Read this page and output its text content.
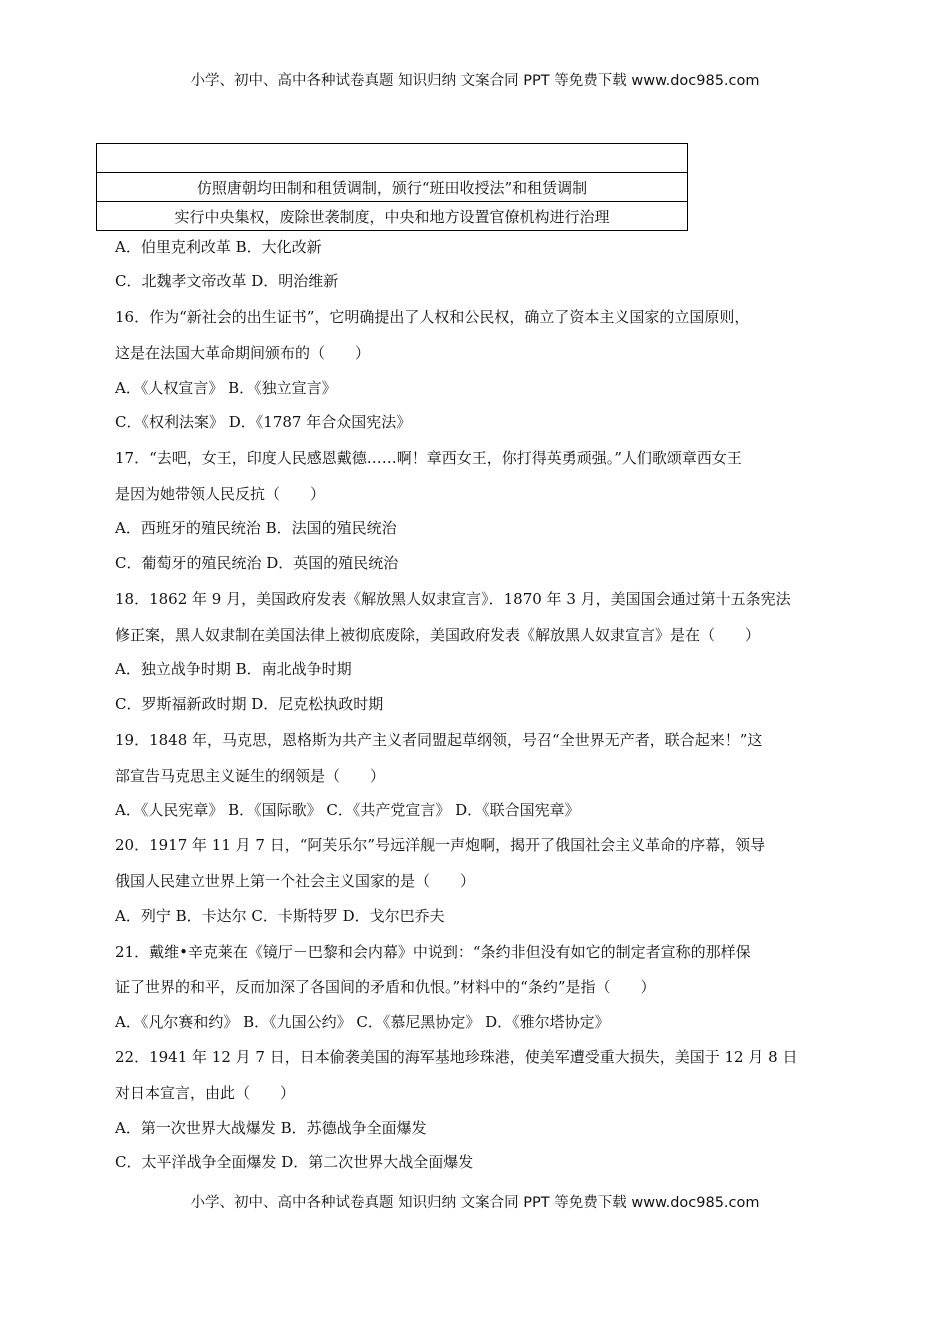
小学、初中、高中各种试卷真题 知识归纳 文案合同 PPT 等免费下载 www.doc985.com

仿照唐朝均田制和租赁调制，颁行“班田收授法”和租赁调制
实行中央集权，废除世袭制度，中央和地方设置官僚机构进行治理
A．伯里克利改革 B．大化改新
C．北魏孝文帝改革 D．明治维新
16．作为“新社会的出生证书”，它明确提出了人权和公民权，确立了资本主义国家的立国原则，
这是在法国大革命期间颁布的（　　）
A．《人权宣言》 B．《独立宣言》
C．《权利法案》 D．《1787 年合众国宪法》
17．“去吧，女王，印度人民感恩戴德……啊！章西女王，你打得英勇顽强。”人们歌颂章西女王
是因为她带领人民反抗（　　）
A．西班牙的殖民统治 B．法国的殖民统治
C．葡萄牙的殖民统治 D．英国的殖民统治
18．1862 年 9 月，美国政府发表《解放黑人奴隶宣言》．1870 年 3 月，美国国会通过第十五条宪法
修正案，黑人奴隶制在美国法律上被彻底废除，美国政府发表《解放黑人奴隶宣言》是在（　　）
A．独立战争时期 B．南北战争时期
C．罗斯福新政时期 D．尼克松执政时期
19．1848 年，马克思，恩格斯为共产主义者同盟起草纲领，号召“全世界无产者，联合起来！”这
部宣告马克思主义诞生的纲领是（　　）
A．《人民宪章》 B．《国际歌》 C．《共产党宣言》 D．《联合国宪章》
20．1917 年 11 月 7 日，“阿芙乐尔”号远洋舰一声炮啊，揭开了俄国社会主义革命的序幕，领导
俄国人民建立世界上第一个社会主义国家的是（　　）
A．列宁 B．卡达尔 C．卡斯特罗 D．戈尔巴乔夫
21．戴维•辛克莱在《镜厅－巴黎和会内幕》中说到：“条约非但没有如它的制定者宣称的那样保
证了世界的和平，反而加深了各国间的矛盾和仇恨。”材料中的“条约”是指（　　）
A．《凡尔赛和约》 B．《九国公约》 C．《慕尼黑协定》 D．《雅尔塔协定》
22．1941 年 12 月 7 日，日本偷袭美国的海军基地珍珠港，使美军遭受重大损失，美国于 12 月 8 日
对日本宣言，由此（　　）
A．第一次世界大战爆发 B．苏德战争全面爆发
C．太平洋战争全面爆发 D．第二次世界大战全面爆发
小学、初中、高中各种试卷真题 知识归纳 文案合同 PPT 等免费下载 www.doc985.com
